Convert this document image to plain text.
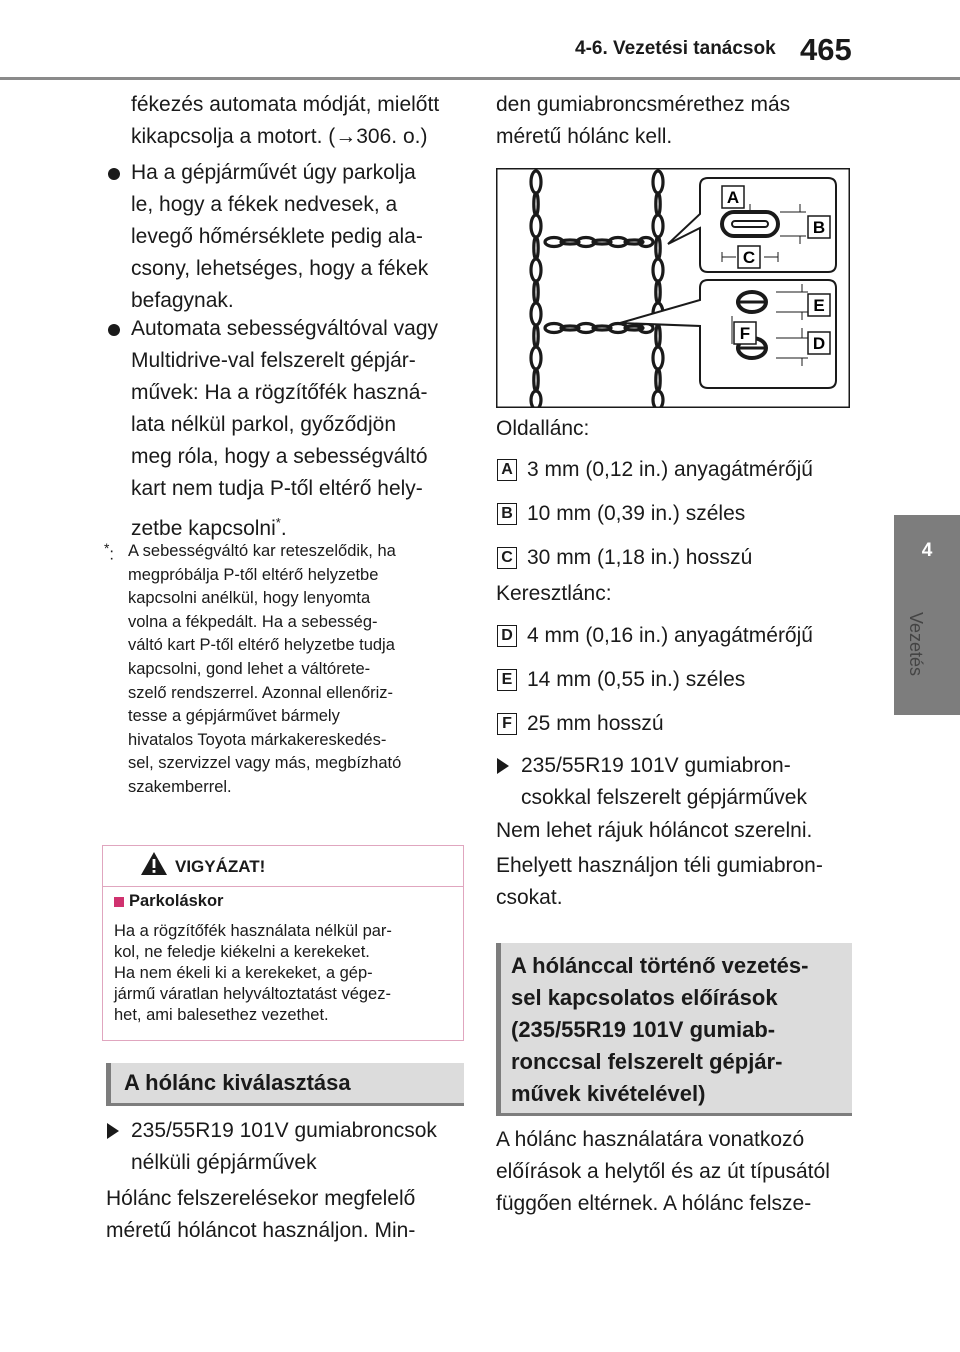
4-6. Vezetési tanácsok 465
4
Vezetés
fékezés automata módját, mielőtt
kikapcsolja a motort. (→306. o.)
Ha a gépjárművét úgy parkolja
le, hogy a fékek nedvesek, a
levegő hőmérséklete pedig ala-
csony, lehetséges, hogy a fékek
befagynak.
Automata sebességváltóval vagy
Multidrive-val felszerelt gépjár-
művek: Ha a rögzítőfék haszná-
lata nélkül parkol, győződjön
meg róla, hogy a sebességváltó
kart nem tudja P-től eltérő hely-
zetbe kapcsolni*.
*: A sebességváltó kar reteszelődik, ha
megpróbálja P-től eltérő helyzetbe
kapcsolni anélkül, hogy lenyomta
volna a fékpedált. Ha a sebesség-
váltó kart P-től eltérő helyzetbe tudja
kapcsolni, gond lehet a váltórete-
szelő rendszerrel. Azonnal ellenőriz-
tesse a gépjárművet bármely
hivatalos Toyota márkakereskedés-
sel, szervizzel vagy más, megbízható
szakemberrel.
VIGYÁZAT!
Parkoláskor
Ha a rögzítőfék használata nélkül par-
kol, ne feledje kiékelni a kerekeket.
Ha nem ékeli ki a kerekeket, a gép-
jármű váratlan helyváltoztatást végez-
het, ami balesethez vezethet.
A hólánc kiválasztása
235/55R19 101V gumiabroncsok
nélküli gépjárművek
Hólánc felszerelésekor megfelelő
méretű hóláncot használjon. Min-
den gumiabroncsmérethez más
méretű hólánc kell.
A
B
C
E
F
D
Oldallánc:
A 3 mm (0,12 in.) anyagátmérőjű
B 10 mm (0,39 in.) széles
C 30 mm (1,18 in.) hosszú
Keresztlánc:
D 4 mm (0,16 in.) anyagátmérőjű
E 14 mm (0,55 in.) széles
F 25 mm hosszú
235/55R19 101V gumiabron-
csokkal felszerelt gépjárművek
Nem lehet rájuk hóláncot szerelni.
Ehelyett használjon téli gumiabron-
csokat.
A hólánccal történő vezetés-
sel kapcsolatos előírások
(235/55R19 101V gumiab-
ronccsal felszerelt gépjár-
művek kivételével)
A hólánc használatára vonatkozó
előírások a helytől és az út típusától
függően eltérnek. A hólánc felsze-
